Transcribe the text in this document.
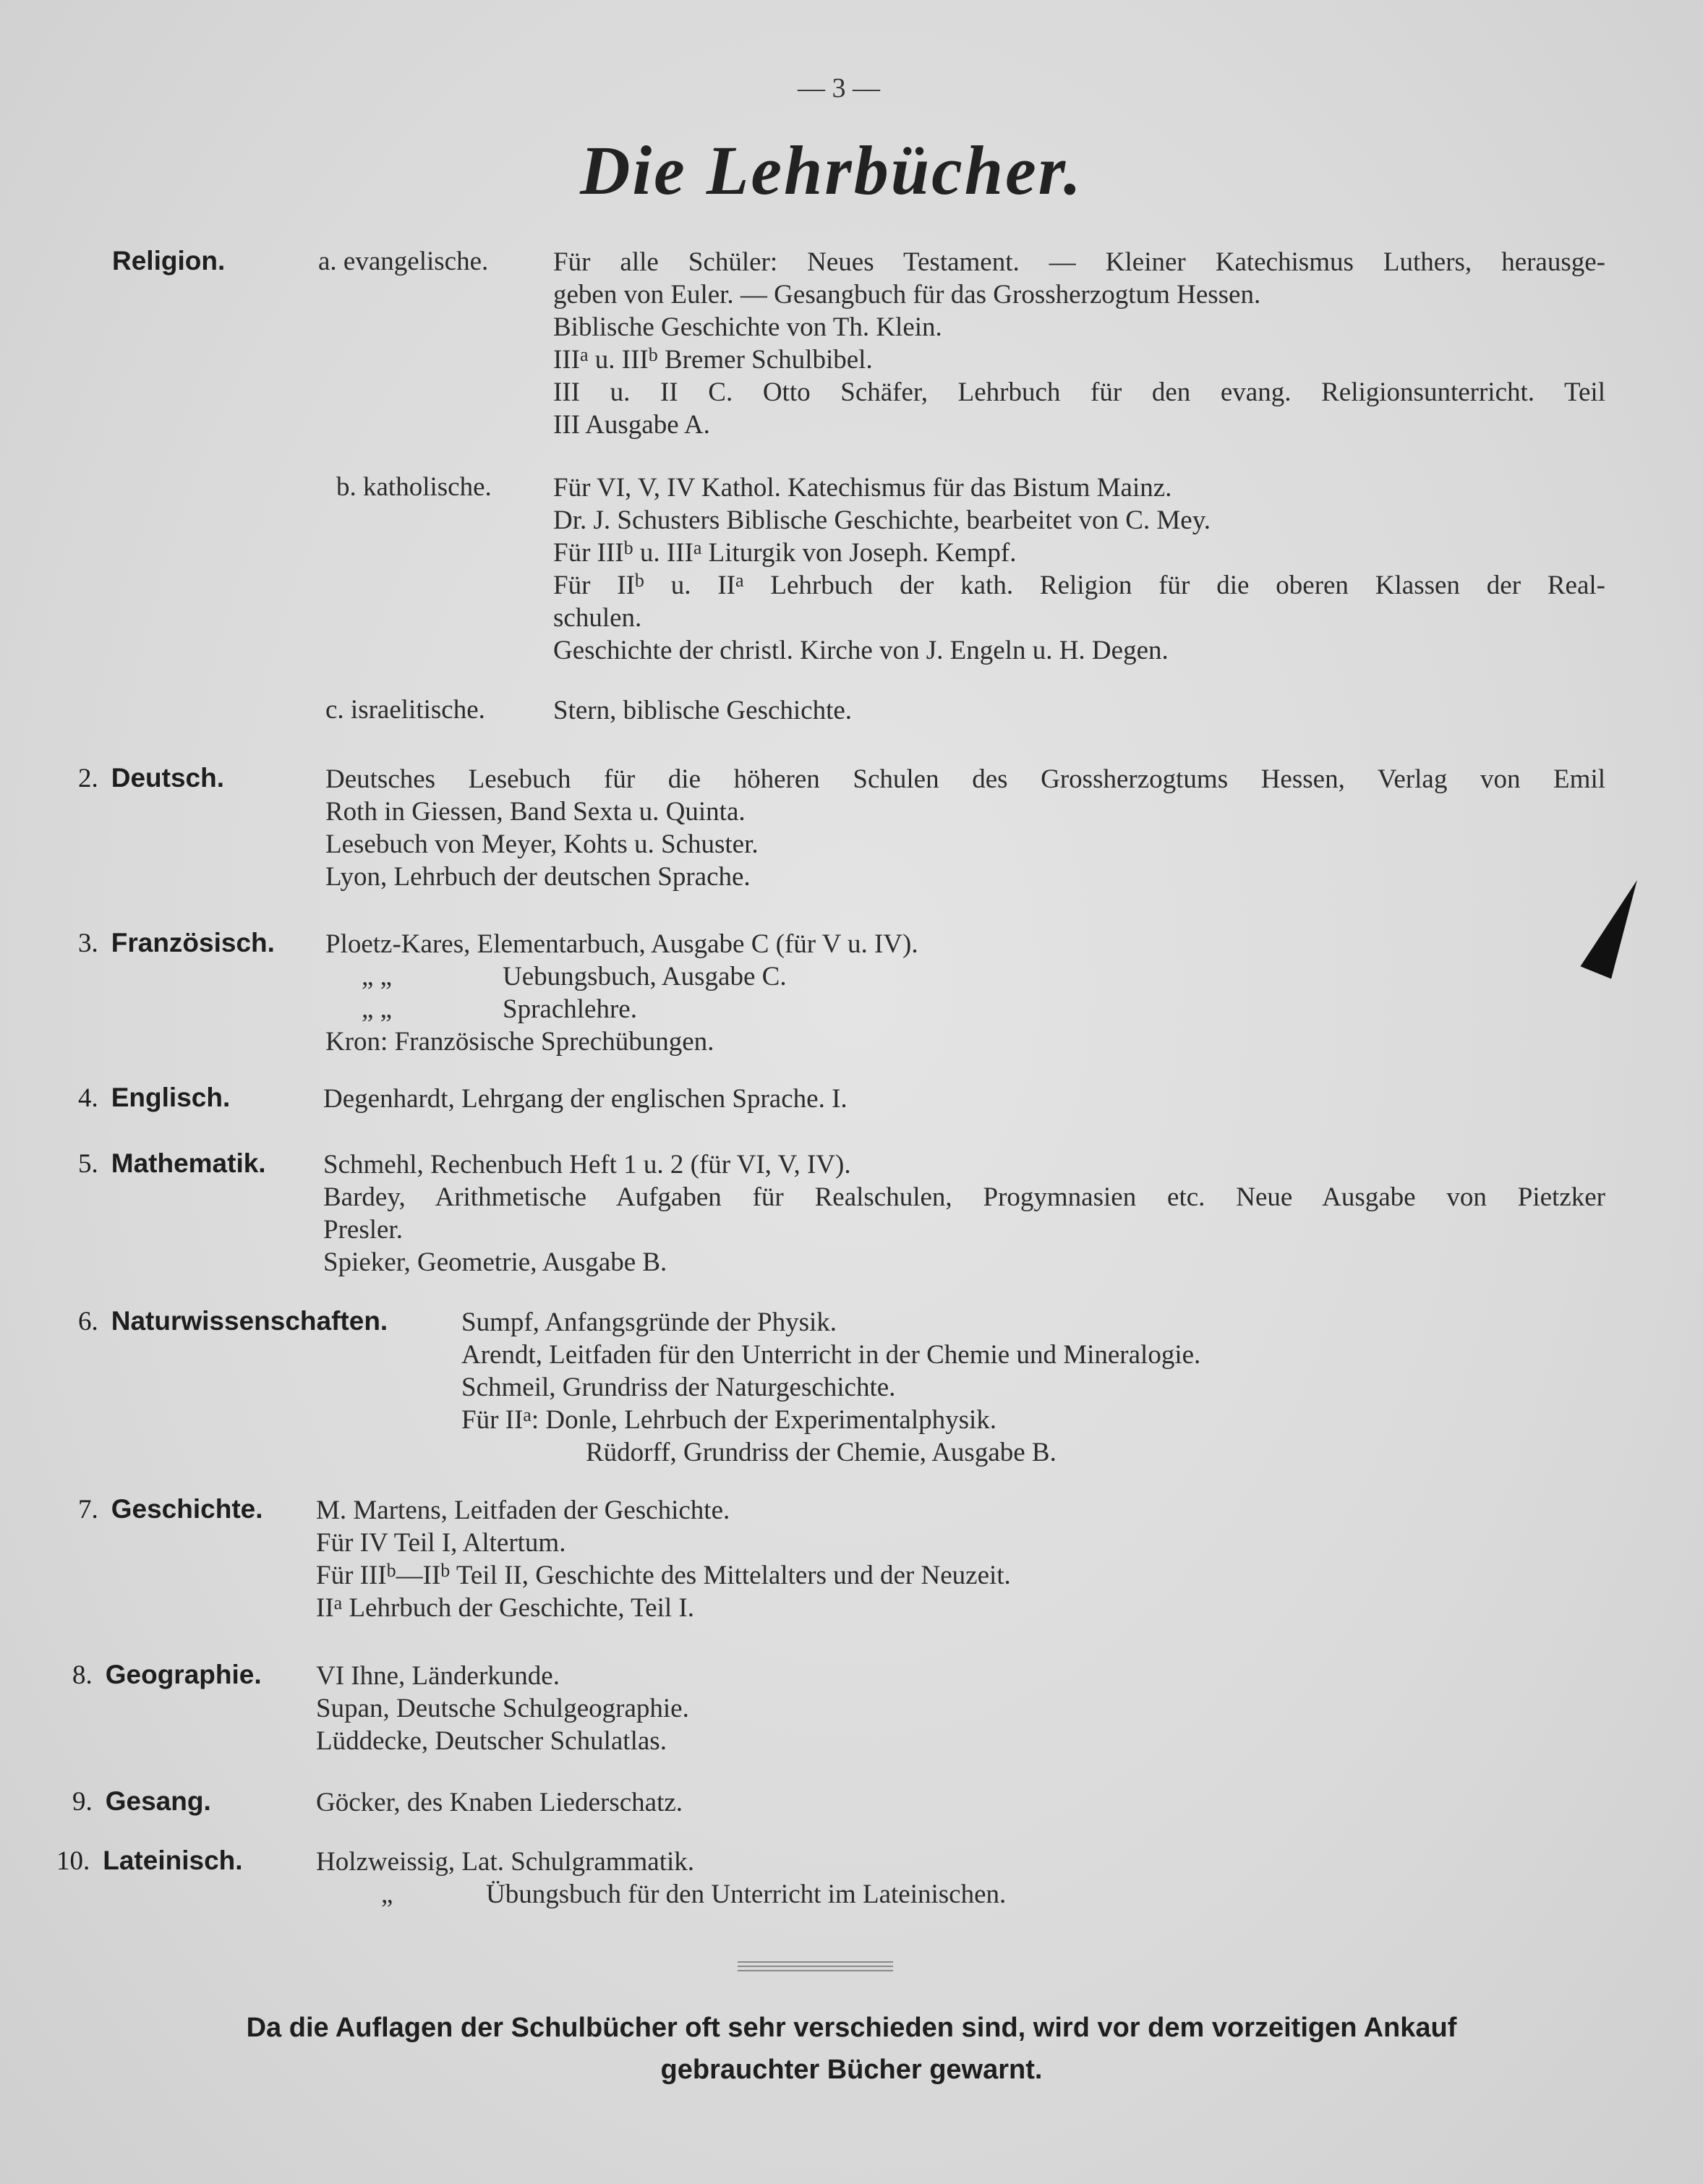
— 3 —
Die Lehrbücher.
Religion.	a. evangelische. Für alle Schüler: Neues Testament. — Kleiner Katechismus Luthers, herausge-
geben von Euler. — Gesangbuch für das Grossherzogtum Hessen.
Biblische Geschichte von Th. Klein.
III$^a$ u. III$^b$ Bremer Schulbibel.
III u. II C. Otto Schäfer, Lehrbuch für den evang. Religionsunterricht. Teil
III Ausgabe A.
b. katholische. Für VI, V, IV Kathol. Katechismus für das Bistum Mainz.
Dr. J. Schusters Biblische Geschichte, bearbeitet von C. Mey.
Für III$^b$ u. III$^a$ Liturgik von Joseph. Kempf.
Für $II^b$ u. $II^a$ Lehrbuch der kath. Religion für die oberen Klassen der Real-
schulen.
Geschichte der christl. Kirche von J. Engeln u. H. Degen.
c. israelitische.	Stern, biblische Geschichte.
2. Deutsch.	Deutsches Lesebuch für die höheren Schulen des Grossherzogtums Hessen, Verlag von Emil
Roth in Giessen, Band Sexta u. Quinta.
Lesebuch von Meyer, Kohts u. Schuster.
Lyon, Lehrbuch der deutschen Sprache.
3. Französisch. Ploetz-Kares, Elementarbuch, Ausgabe C (für V u. IV).
„ „	Uebungsbuch, Ausgabe C.
„ „	Sprachlehre.
Kron: Französische Sprechübungen.
4. Englisch.	Degenhardt, Lehrgang der englischen Sprache. I.
5. Mathematik. Schmehl, Rechenbuch Heft 1 u. 2 (für VI, V, IV).
Bardey, Arithmetische Aufgaben für Realschulen, Progymnasien etc. Neue Ausgabe von Pietzker
Presler.
Spieker, Geometrie, Ausgabe B.
6. Naturwissenschaften.	Sumpf, Anfangsgründe der Physik.
Arendt, Leitfaden für den Unterricht in der Chemie und Mineralogie.
Schmeil, Grundriss der Naturgeschichte.
Für $II^a$: Donle, Lehrbuch der Experimentalphysik.
Rüdorff, Grundriss der Chemie, Ausgabe B.
7. Geschichte. M. Martens, Leitfaden der Geschichte.
Für IV Teil I, Altertum.
Für $III^b—II^b$ Teil II, Geschichte des Mittelalters und der Neuzeit.
$II^a$ Lehrbuch der Geschichte, Teil I.
8. Geographie. VI Ihne, Länderkunde.
Supan, Deutsche Schulgeographie.
Lüddecke, Deutscher Schulatlas.
9. Gesang.	Göcker, des Knaben Liederschatz.
10. Lateinisch.	Holzweissig, Lat. Schulgrammatik.
„	Übungsbuch für den Unterricht im Lateinischen.
Da die Auflagen der Schulbücher oft sehr verschieden sind, wird vor dem vorzeitigen Ankauf
gebrauchter Bücher gewarnt.
